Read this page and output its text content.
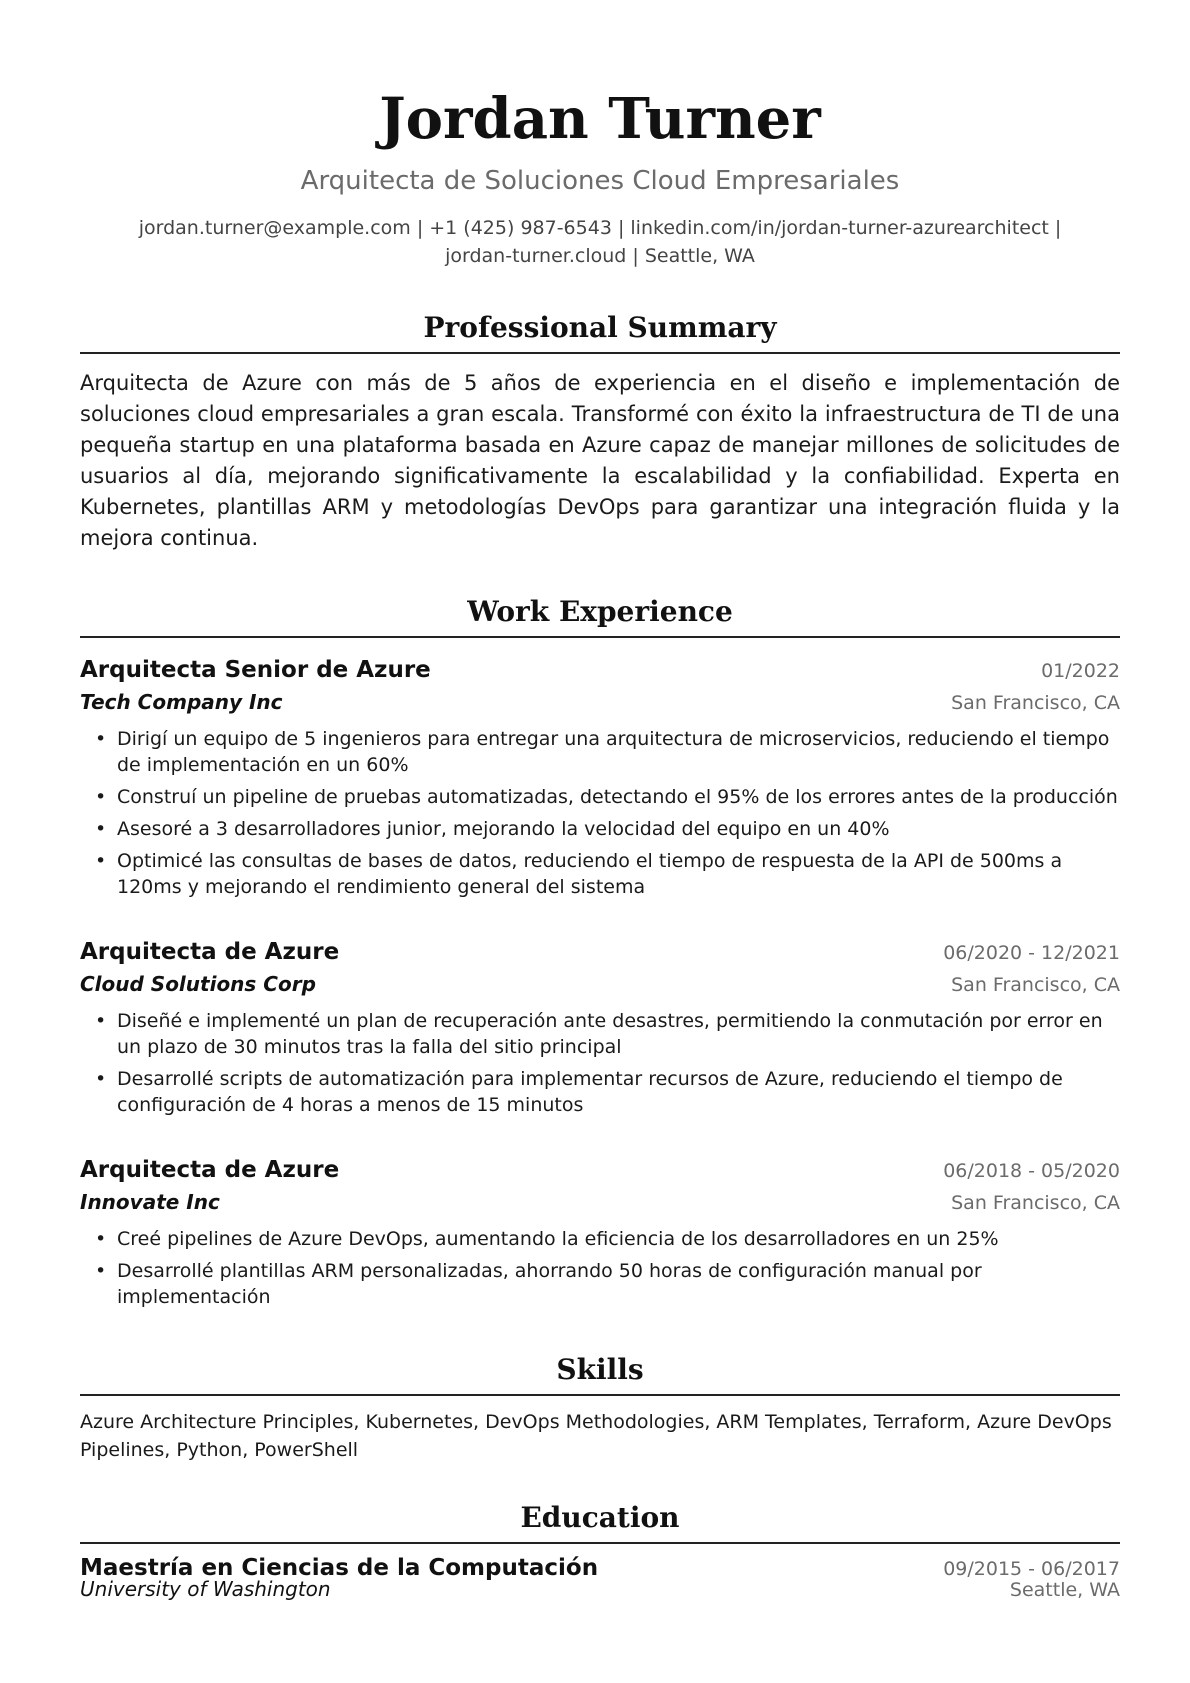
Jordan Turner
Arquitecta de Soluciones Cloud Empresariales
jordan.turner@example.com | +1 (425) 987-6543 | linkedin.com/in/jordan-turner-azurearchitect |
jordan-turner.cloud | Seattle, WA
Professional Summary
Arquitecta de Azure con más de 5 años de experiencia en el diseño e implementación de soluciones cloud empresariales a gran escala. Transformé con éxito la infraestructura de TI de una pequeña startup en una plataforma basada en Azure capaz de manejar millones de solicitudes de usuarios al día, mejorando significativamente la escalabilidad y la confiabilidad. Experta en Kubernetes, plantillas ARM y metodologías DevOps para garantizar una integración fluida y la mejora continua.
Work Experience
Arquitecta Senior de Azure	01/2022
Tech Company Inc	San Francisco, CA
• Dirigí un equipo de 5 ingenieros para entregar una arquitectura de microservicios, reduciendo el tiempo de implementación en un 60%
• Construí un pipeline de pruebas automatizadas, detectando el 95% de los errores antes de la producción
• Asesoré a 3 desarrolladores junior, mejorando la velocidad del equipo en un 40%
• Optimicé las consultas de bases de datos, reduciendo el tiempo de respuesta de la API de 500ms a 120ms y mejorando el rendimiento general del sistema
Arquitecta de Azure	06/2020 - 12/2021
Cloud Solutions Corp	San Francisco, CA
• Diseñé e implementé un plan de recuperación ante desastres, permitiendo la conmutación por error en un plazo de 30 minutos tras la falla del sitio principal
• Desarrollé scripts de automatización para implementar recursos de Azure, reduciendo el tiempo de configuración de 4 horas a menos de 15 minutos
Arquitecta de Azure	06/2018 - 05/2020
Innovate Inc	San Francisco, CA
• Creé pipelines de Azure DevOps, aumentando la eficiencia de los desarrolladores en un 25%
• Desarrollé plantillas ARM personalizadas, ahorrando 50 horas de configuración manual por implementación
Skills
Azure Architecture Principles, Kubernetes, DevOps Methodologies, ARM Templates, Terraform, Azure DevOps Pipelines, Python, PowerShell
Education
Maestría en Ciencias de la Computación	09/2015 - 06/2017
University of Washington	Seattle, WA
